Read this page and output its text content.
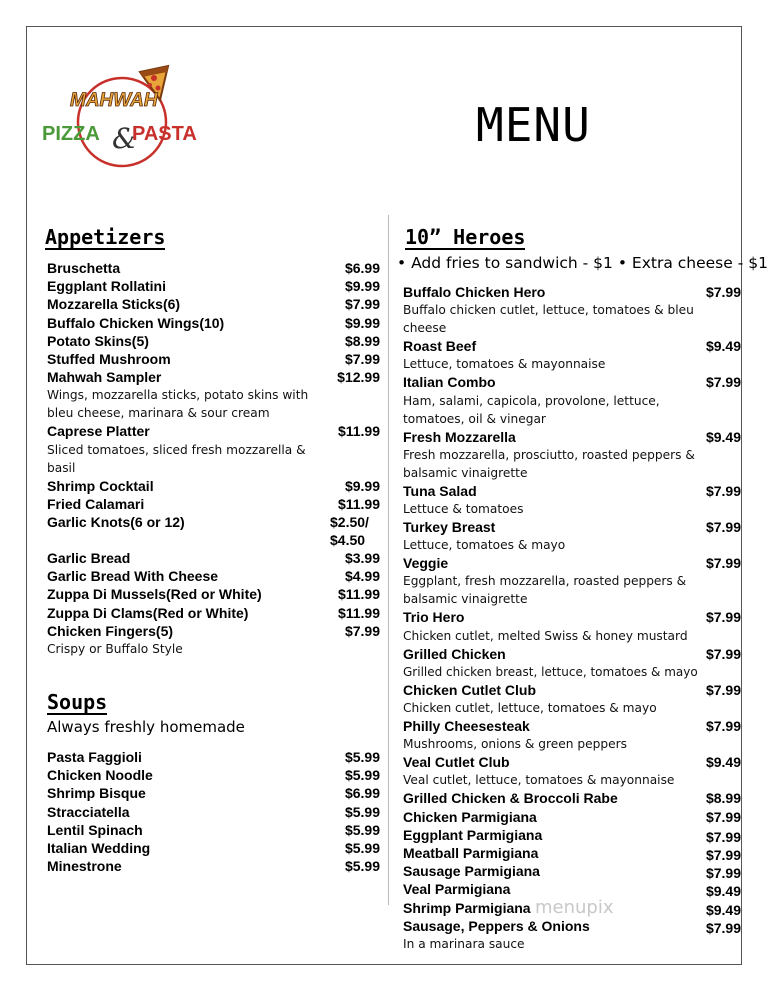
MAHWAH
PIZZA &
PASTA	MENU
Appetizers
Bruschetta	$6.99
Eggplant Rollatini	$9.99
Mozzarella Sticks(6)	$7.99
Buffalo Chicken Wings(10)	$9.99
Potato Skins(5)	$8.99
Stuffed Mushroom	$7.99
Mahwah Sampler	$12.99
Wings, mozzarella sticks, potato skins with bleu cheese, marinara & sour cream
Caprese Platter	$11.99
Sliced tomatoes, sliced fresh mozzarella & basil
Shrimp Cocktail	$9.99
Fried Calamari	$11.99
Garlic Knots(6 or 12)	$2.50/
$4.50
Garlic Bread	$3.99
Garlic Bread With Cheese	$4.99
Zuppa Di Mussels(Red or White)	$11.99
Zuppa Di Clams(Red or White)	$11.99
Chicken Fingers(5)	$7.99
Crispy or Buffalo Style
Soups
Always freshly homemade
Pasta Faggioli	$5.99
Chicken Noodle	$5.99
Shrimp Bisque	$6.99
Stracciatella	$5.99
Lentil Spinach	$5.99
Italian Wedding	$5.99
Minestrone	$5.99
10” Heroes
• Add fries to sandwich - $1 • Extra cheese - $1
Buffalo Chicken Hero	$7.99
Buffalo chicken cutlet, lettuce, tomatoes & bleu cheese
Roast Beef	$9.49
Lettuce, tomatoes & mayonnaise
Italian Combo	$7.99
Ham, salami, capicola, provolone, lettuce, tomatoes, oil & vinegar
Fresh Mozzarella	$9.49
Fresh mozzarella, prosciutto, roasted peppers & balsamic vinaigrette
Tuna Salad	$7.99
Lettuce & tomatoes
Turkey Breast	$7.99
Lettuce, tomatoes & mayo
Veggie	$7.99
Eggplant, fresh mozzarella, roasted peppers & balsamic vinaigrette
Trio Hero	$7.99
Chicken cutlet, melted Swiss & honey mustard
Grilled Chicken	$7.99
Grilled chicken breast, lettuce, tomatoes & mayo
Chicken Cutlet Club	$7.99
Chicken cutlet, lettuce, tomatoes & mayo
Philly Cheesesteak	$7.99
Mushrooms, onions & green peppers
Veal Cutlet Club	$9.49
Veal cutlet, lettuce, tomatoes & mayonnaise
Grilled Chicken & Broccoli Rabe	$8.99
Chicken Parmigiana	$7.99
Eggplant Parmigiana	$7.99
Meatball Parmigiana	$7.99
Sausage Parmigiana	$7.99
Veal Parmigiana	$9.49
Shrimp Parmigiana	$9.49
Sausage, Peppers & Onions	$7.99
In a marinara sauce
menupix
